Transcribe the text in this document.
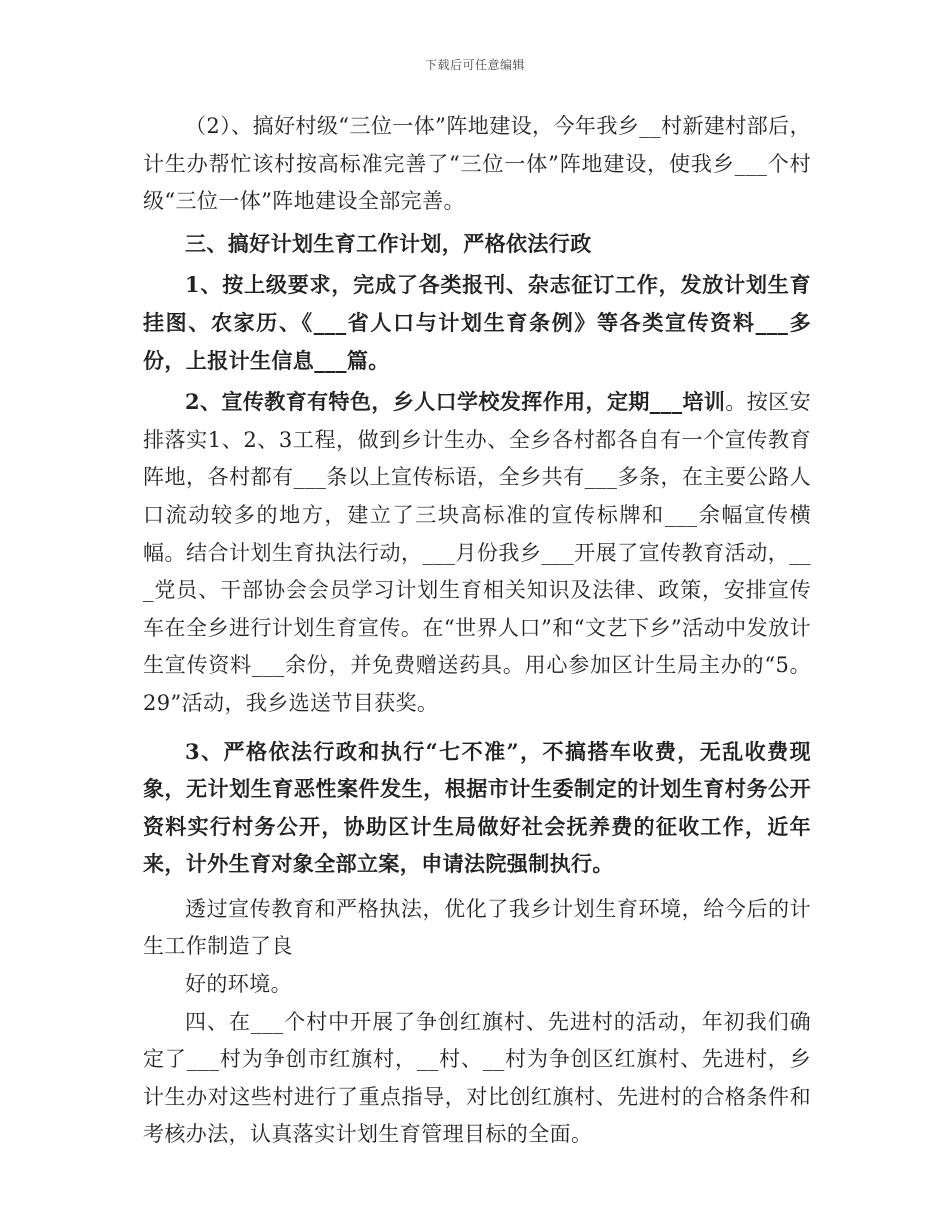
下载后可任意编辑

（2）、搞好村级“三位一体”阵地建设，今年我乡__村新建村部后，计生办帮忙该村按高标准完善了“三位一体”阵地建设，使我乡___个村级“三位一体”阵地建设全部完善。

三、搞好计划生育工作计划，严格依法行政

1、按上级要求，完成了各类报刊、杂志征订工作，发放计划生育挂图、农家历、《___省人口与计划生育条例》等各类宣传资料___多份，上报计生信息___篇。

2、宣传教育有特色，乡人口学校发挥作用，定期___培训。按区安排落实1、2、3工程，做到乡计生办、全乡各村都各自有一个宣传教育阵地，各村都有___条以上宣传标语，全乡共有___多条，在主要公路人口流动较多的地方，建立了三块高标准的宣传标牌和___余幅宣传横幅。结合计划生育执法行动，___月份我乡___开展了宣传教育活动，___党员、干部协会会员学习计划生育相关知识及法律、政策，安排宣传车在全乡进行计划生育宣传。在“世界人口”和“文艺下乡”活动中发放计生宣传资料___余份，并免费赠送药具。用心参加区计生局主办的“5。29”活动，我乡选送节目获奖。

3、严格依法行政和执行“七不准”，不搞搭车收费，无乱收费现象，无计划生育恶性案件发生，根据市计生委制定的计划生育村务公开资料实行村务公开，协助区计生局做好社会抚养费的征收工作，近年来，计外生育对象全部立案，申请法院强制执行。

透过宣传教育和严格执法，优化了我乡计划生育环境，给今后的计生工作制造了良

好的环境。

四、在___个村中开展了争创红旗村、先进村的活动，年初我们确定了___村为争创市红旗村，__村、__村为争创区红旗村、先进村，乡计生办对这些村进行了重点指导，对比创红旗村、先进村的合格条件和考核办法，认真落实计划生育管理目标的全面。
